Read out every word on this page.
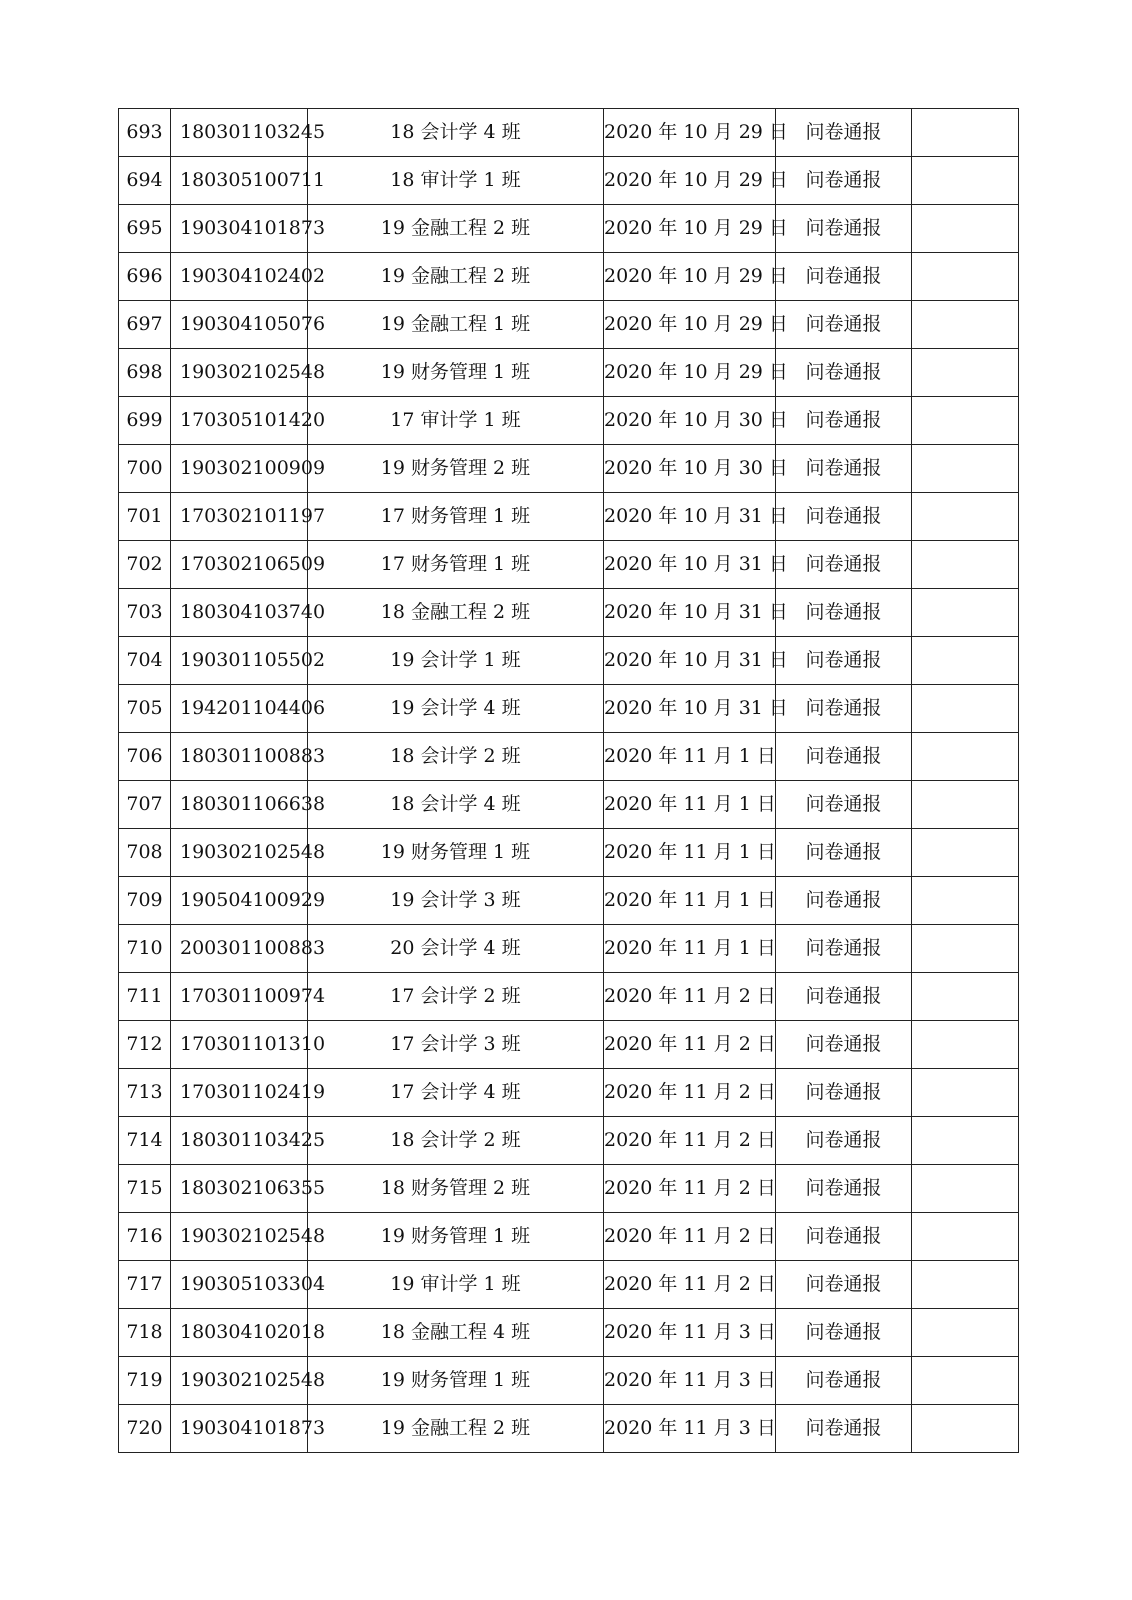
693	180301103245	18 会计学 4 班	2020 年 10 月 29 日	问卷通报	
694	180305100711	18 审计学 1 班	2020 年 10 月 29 日	问卷通报	
695	190304101873	19 金融工程 2 班	2020 年 10 月 29 日	问卷通报	
696	190304102402	19 金融工程 2 班	2020 年 10 月 29 日	问卷通报	
697	190304105076	19 金融工程 1 班	2020 年 10 月 29 日	问卷通报	
698	190302102548	19 财务管理 1 班	2020 年 10 月 29 日	问卷通报	
699	170305101420	17 审计学 1 班	2020 年 10 月 30 日	问卷通报	
700	190302100909	19 财务管理 2 班	2020 年 10 月 30 日	问卷通报	
701	170302101197	17 财务管理 1 班	2020 年 10 月 31 日	问卷通报	
702	170302106509	17 财务管理 1 班	2020 年 10 月 31 日	问卷通报	
703	180304103740	18 金融工程 2 班	2020 年 10 月 31 日	问卷通报	
704	190301105502	19 会计学 1 班	2020 年 10 月 31 日	问卷通报	
705	194201104406	19 会计学 4 班	2020 年 10 月 31 日	问卷通报	
706	180301100883	18 会计学 2 班	2020 年 11 月 1 日	问卷通报	
707	180301106638	18 会计学 4 班	2020 年 11 月 1 日	问卷通报	
708	190302102548	19 财务管理 1 班	2020 年 11 月 1 日	问卷通报	
709	190504100929	19 会计学 3 班	2020 年 11 月 1 日	问卷通报	
710	200301100883	20 会计学 4 班	2020 年 11 月 1 日	问卷通报	
711	170301100974	17 会计学 2 班	2020 年 11 月 2 日	问卷通报	
712	170301101310	17 会计学 3 班	2020 年 11 月 2 日	问卷通报	
713	170301102419	17 会计学 4 班	2020 年 11 月 2 日	问卷通报	
714	180301103425	18 会计学 2 班	2020 年 11 月 2 日	问卷通报	
715	180302106355	18 财务管理 2 班	2020 年 11 月 2 日	问卷通报	
716	190302102548	19 财务管理 1 班	2020 年 11 月 2 日	问卷通报	
717	190305103304	19 审计学 1 班	2020 年 11 月 2 日	问卷通报	
718	180304102018	18 金融工程 4 班	2020 年 11 月 3 日	问卷通报	
719	190302102548	19 财务管理 1 班	2020 年 11 月 3 日	问卷通报	
720	190304101873	19 金融工程 2 班	2020 年 11 月 3 日	问卷通报	
